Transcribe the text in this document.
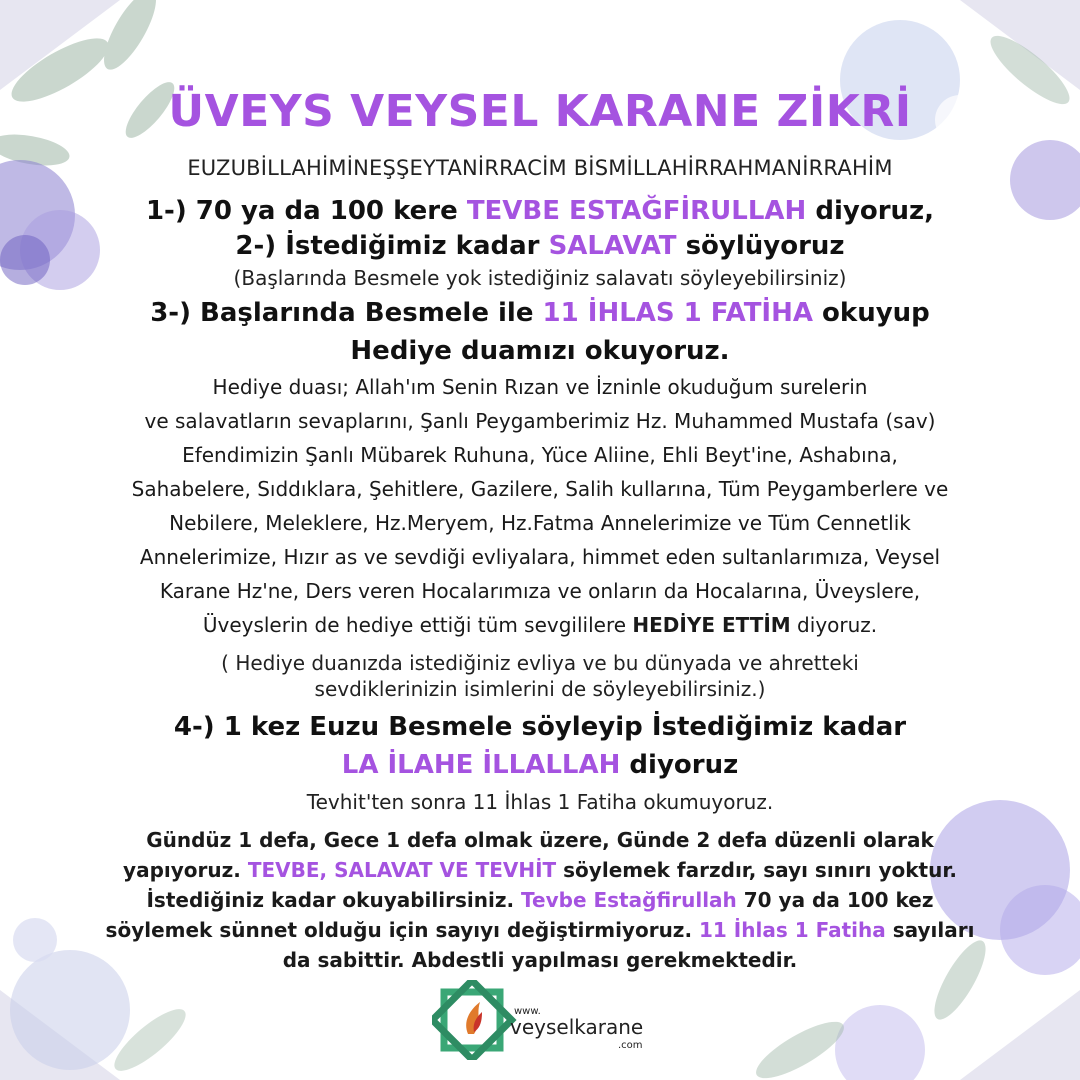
ÜVEYS VEYSEL KARANE ZİKRİ
EUZUBİLLAHİMİNEŞŞEYTANİRRACİM BİSMİLLAHİRRAHMANİRRAHİM
1-) 70 ya da 100 kere TEVBE ESTAĞFİRULLAH diyoruz,
2-) İstediğimiz kadar SALAVAT söylüyoruz
(Başlarında Besmele yok istediğiniz salavatı söyleyebilirsiniz)
3-) Başlarında Besmele ile 11 İHLAS 1 FATİHA okuyup
Hediye duamızı okuyoruz.
Hediye duası; Allah'ım Senin Rızan ve İzninle okuduğum surelerin
ve salavatların sevaplarını, Şanlı Peygamberimiz Hz. Muhammed Mustafa (sav)
Efendimizin Şanlı Mübarek Ruhuna, Yüce Aliine, Ehli Beyt'ine, Ashabına,
Sahabelere, Sıddıklara, Şehitlere, Gazilere, Salih kullarına, Tüm Peygamberlere ve
Nebilere, Meleklere, Hz.Meryem, Hz.Fatma Annelerimize ve Tüm Cennetlik
Annelerimize, Hızır as ve sevdiği evliyalara, himmet eden sultanlarımıza, Veysel
Karane Hz'ne, Ders veren Hocalarımıza ve onların da Hocalarına, Üveyslere,
Üveyslerin de hediye ettiği tüm sevgililere HEDİYE ETTİM diyoruz.
( Hediye duanızda istediğiniz evliya ve bu dünyada ve ahretteki
sevdiklerinizin isimlerini de söyleyebilirsiniz.)
4-) 1 kez Euzu Besmele söyleyip İstediğimiz kadar
LA İLAHE İLLALLAH diyoruz
Tevhit'ten sonra 11 İhlas 1 Fatiha okumuyoruz.
Gündüz 1 defa, Gece 1 defa olmak üzere, Günde 2 defa düzenli olarak
yapıyoruz. TEVBE, SALAVAT VE TEVHİT söylemek farzdır, sayı sınırı yoktur.
İstediğiniz kadar okuyabilirsiniz. Tevbe Estağfirullah 70 ya da 100 kez
söylemek sünnet olduğu için sayıyı değiştirmiyoruz. 11 İhlas 1 Fatiha sayıları
da sabittir. Abdestli yapılması gerekmektedir.
www.
veyselkarane
.com
